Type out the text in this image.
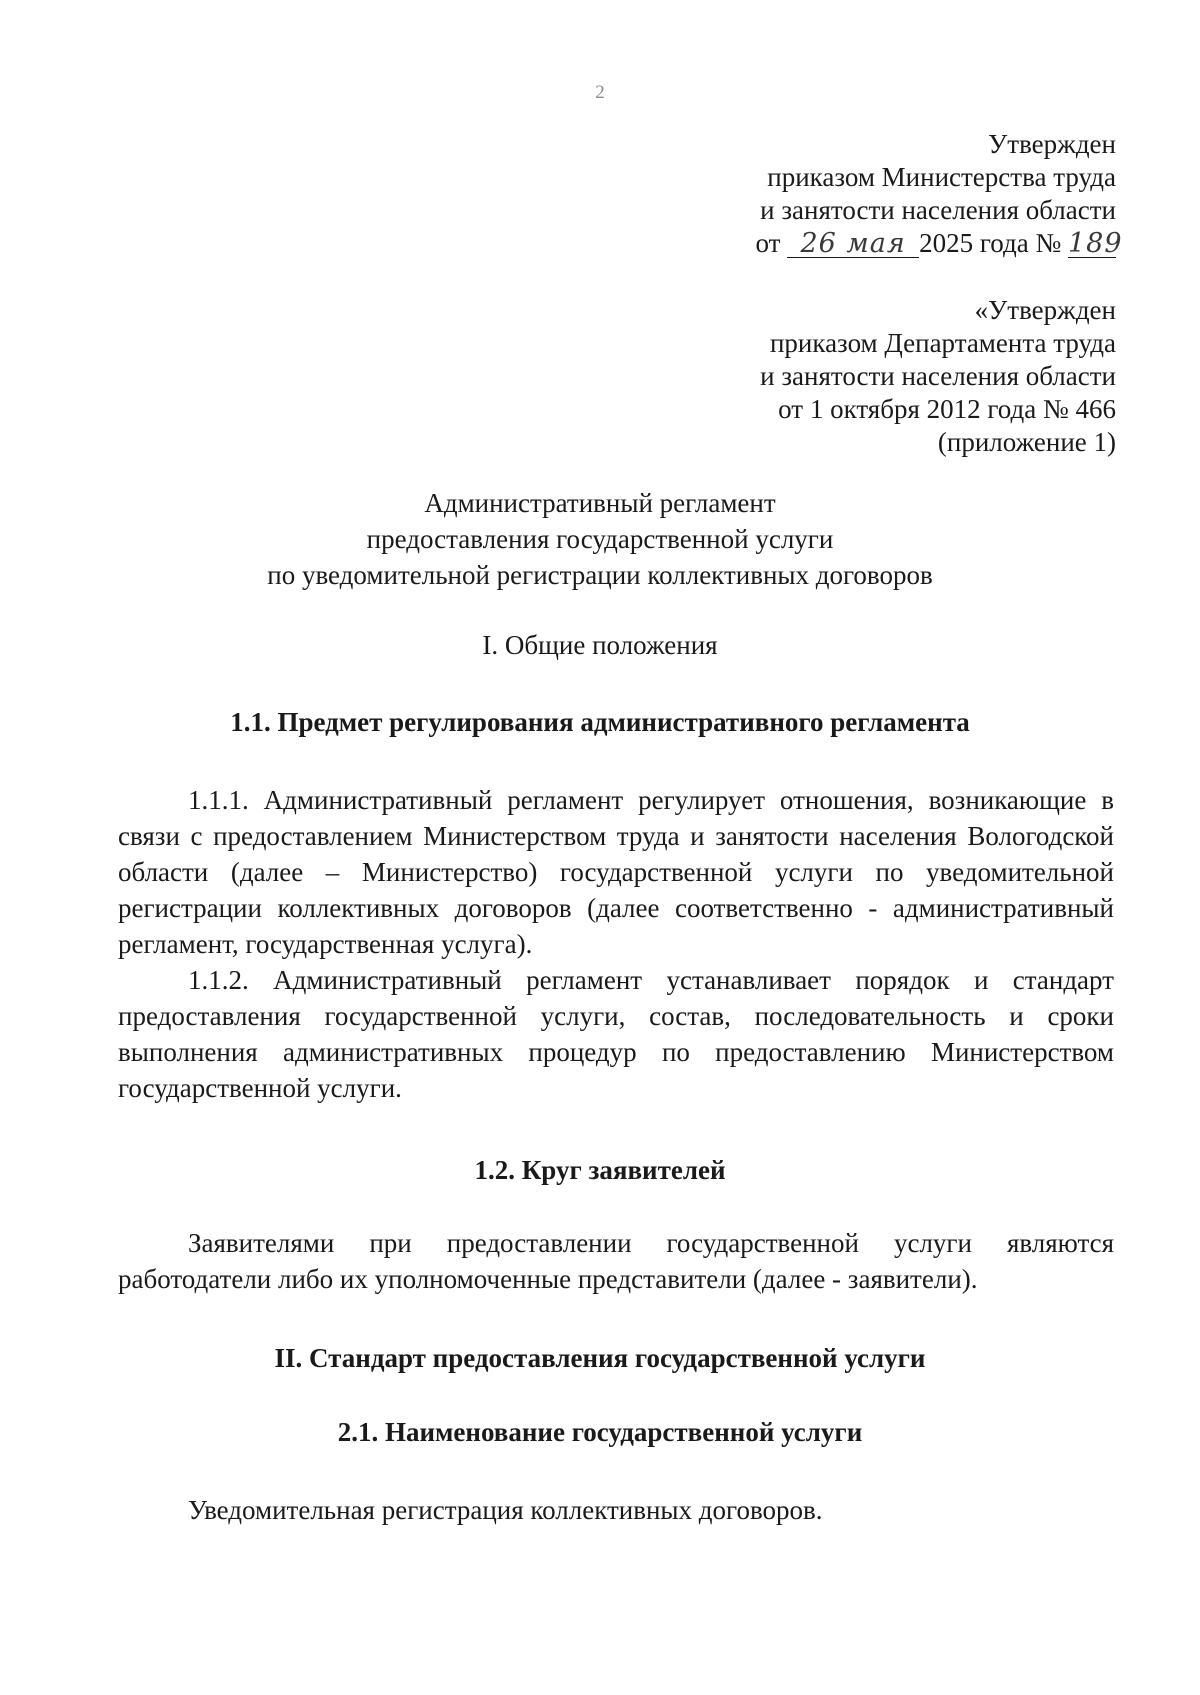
2
Утвержден
приказом Министерства труда
и занятости населения области
от 26 мая 2025 года № 189
«Утвержден
приказом Департамента труда
и занятости населения области
от 1 октября 2012 года № 466
(приложение 1)
Административный регламент
предоставления государственной услуги
по уведомительной регистрации коллективных договоров
I. Общие положения
1.1. Предмет регулирования административного регламента

1.1.1. Административный регламент регулирует отношения, возникающие в связи с предоставлением Министерством труда и занятости населения Вологодской области (далее – Министерство) государственной услуги по уведомительной регистрации коллективных договоров (далее соответственно - административный регламент, государственная услуга).

1.1.2. Административный регламент устанавливает порядок и стандарт предоставления государственной услуги, состав, последовательность и сроки выполнения административных процедур по предоставлению Министерством государственной услуги.

1.2. Круг заявителей

Заявителями при предоставлении государственной услуги являются работодатели либо их уполномоченные представители (далее - заявители).

II. Стандарт предоставления государственной услуги
2.1. Наименование государственной услуги

Уведомительная регистрация коллективных договоров.
